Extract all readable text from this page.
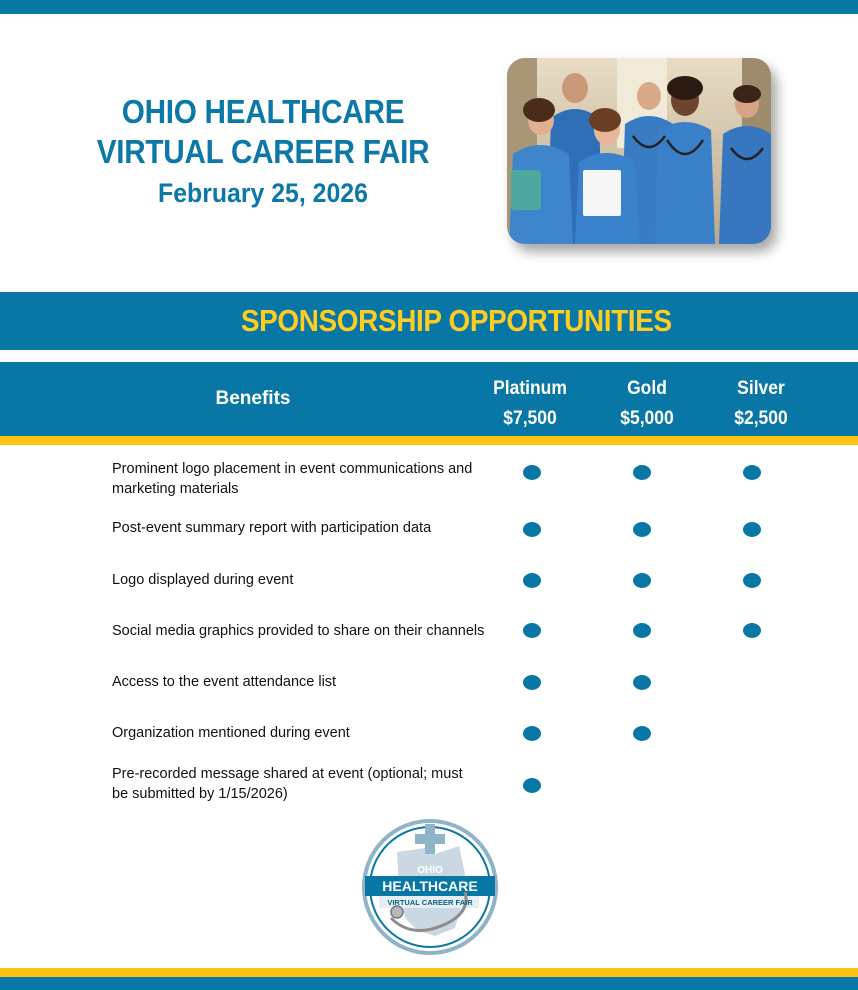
OHIO HEALTHCARE
VIRTUAL CAREER FAIR
February 25, 2026
SPONSORSHIP OPPORTUNITIES
Benefits	Platinum
$7,500
Gold
$5,000
Silver
$2,500
Prominent logo placement in event communications and marketing materials
Post-event summary report with participation data
Logo displayed during event
Social media graphics provided to share on their channels
Access to the event attendance list
Organization mentioned during event
Pre-recorded message shared at event (optional; must be submitted by 1/15/2026)
OHIO
HEALTHCARE
VIRTUAL CAREER FAIR
